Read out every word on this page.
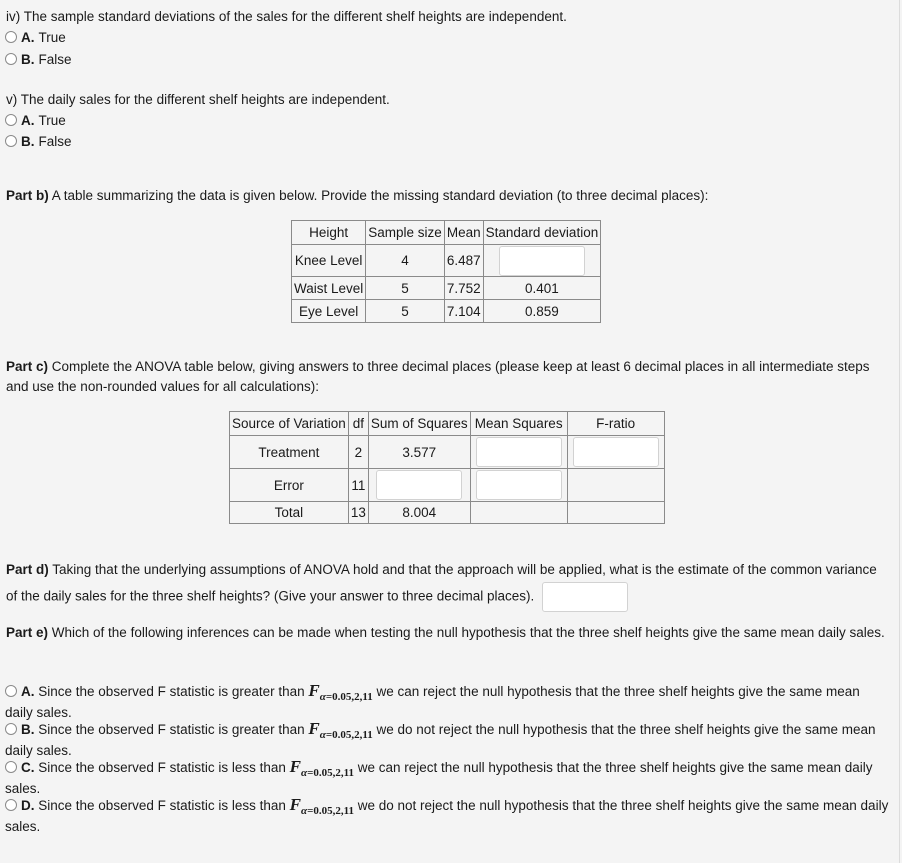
iv) The sample standard deviations of the sales for the different shelf heights are independent.
A. True
B. False
v) The daily sales for the different shelf heights are independent.
A. True
B. False
Part b) A table summarizing the data is given below. Provide the missing standard deviation (to three decimal places):
Height	Sample size	Mean	Standard deviation
Knee Level	4	6.487	
Waist Level	5	7.752	0.401
Eye Level	5	7.104	0.859
Part c) Complete the ANOVA table below, giving answers to three decimal places (please keep at least 6 decimal places in all intermediate steps and use the non-rounded values for all calculations):
Source of Variation	df	Sum of Squares	Mean Squares	F-ratio
Treatment	2	3.577		
Error	11			
Total	13	8.004		
Part d) Taking that the underlying assumptions of ANOVA hold and that the approach will be applied, what is the estimate of the common variance of the daily sales for the three shelf heights? (Give your answer to three decimal places).
Part e) Which of the following inferences can be made when testing the null hypothesis that the three shelf heights give the same mean daily sales.
A. Since the observed F statistic is greater than $F_{\alpha=0.05,2,11}$ we can reject the null hypothesis that the three shelf heights give the same mean daily sales.
B. Since the observed F statistic is greater than $F_{\alpha=0.05,2,11}$ we do not reject the null hypothesis that the three shelf heights give the same mean daily sales.
C. Since the observed F statistic is less than $F_{\alpha=0.05,2,11}$ we can reject the null hypothesis that the three shelf heights give the same mean daily sales.
D. Since the observed F statistic is less than $F_{\alpha=0.05,2,11}$ we do not reject the null hypothesis that the three shelf heights give the same mean daily sales.
